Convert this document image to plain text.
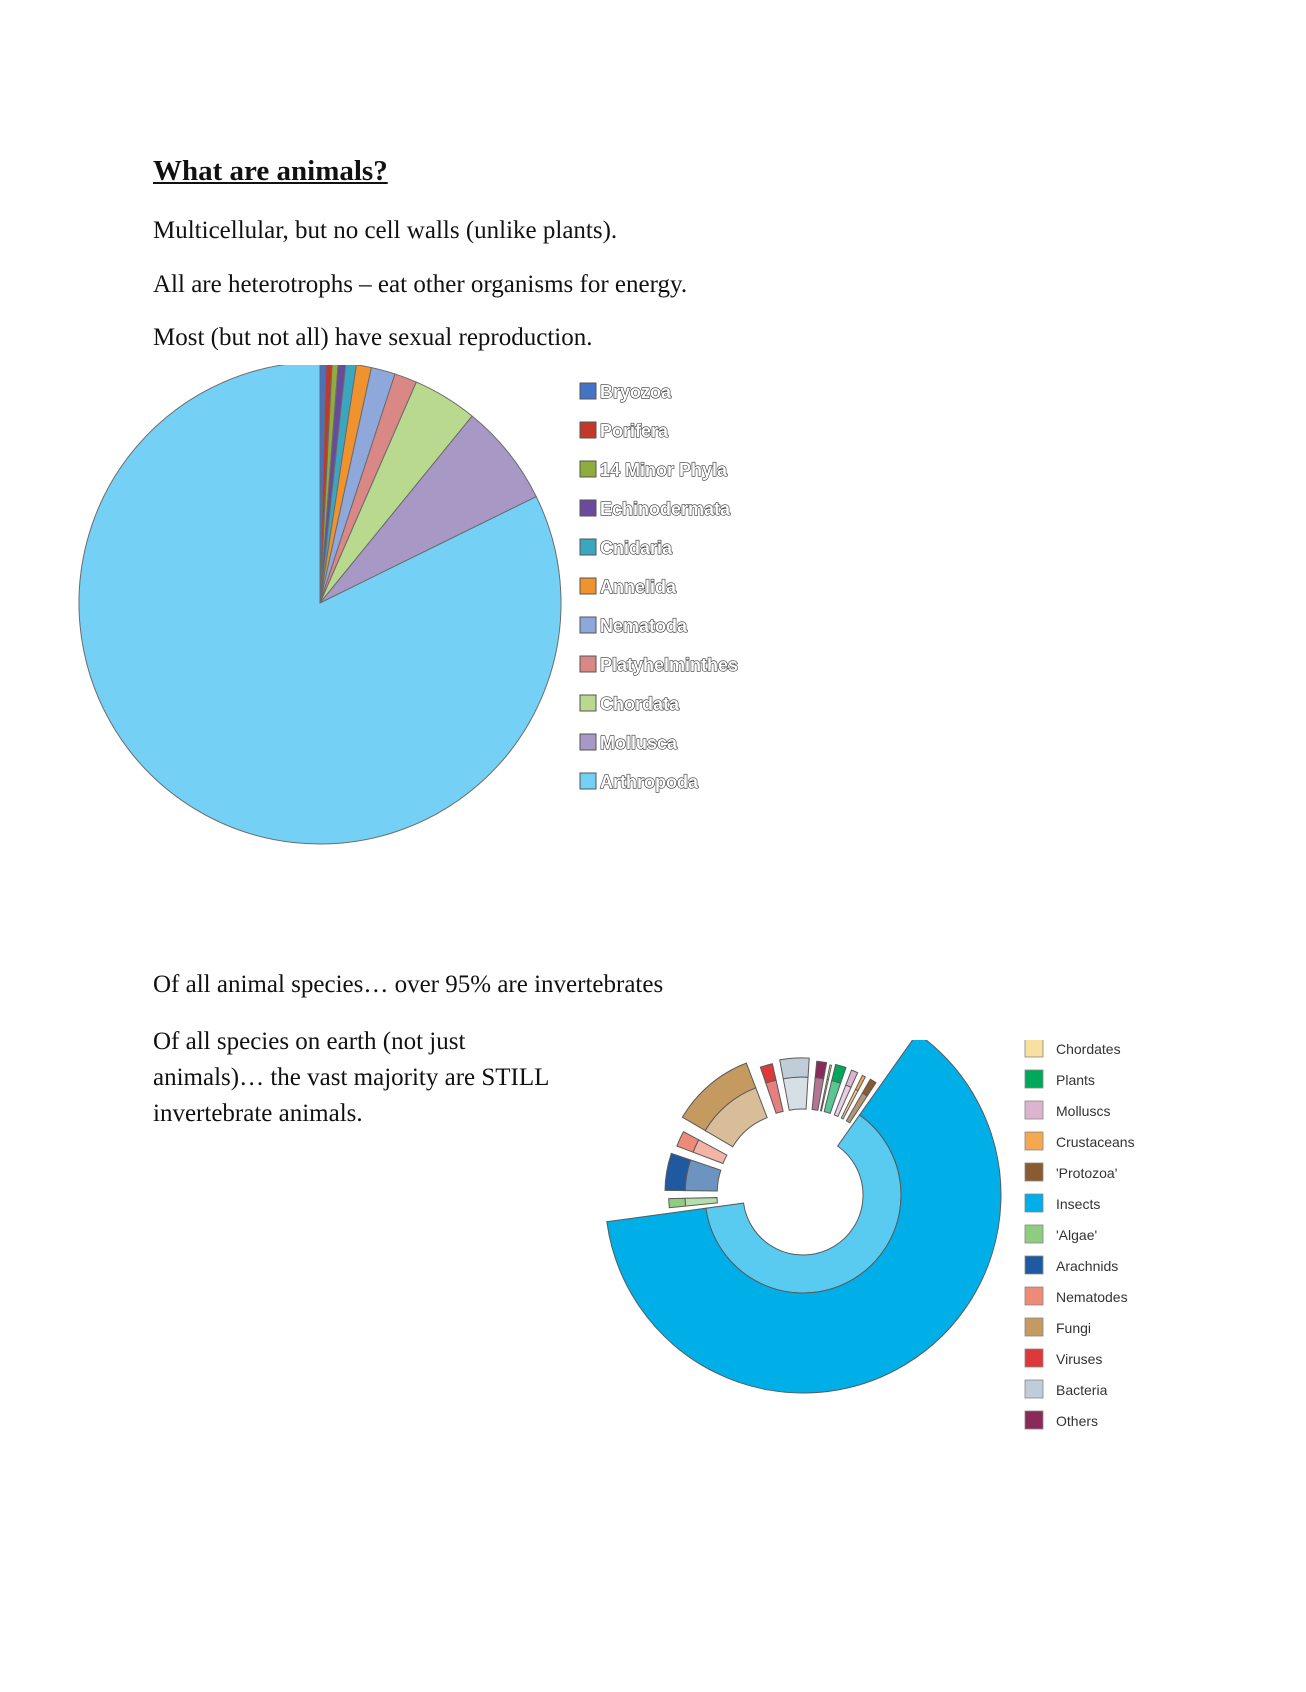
What are animals?
Multicellular, but no cell walls (unlike plants).
All are heterotrophs – eat other organisms for energy.
Most (but not all) have sexual reproduction.
Of all animal species… over 95% are invertebrates
Of all species on earth (not just animals)… the vast majority are STILL invertebrate animals.
Bryozoa
Porifera
14 Minor Phyla
Echinodermata
Cnidaria
Annelida
Nematoda
Platyhelminthes
Chordata
Mollusca
Arthropoda
Chordates
Plants
Molluscs
Crustaceans
'Protozoa'
Insects
'Algae'
Arachnids
Nematodes
Fungi
Viruses
Bacteria
Others
